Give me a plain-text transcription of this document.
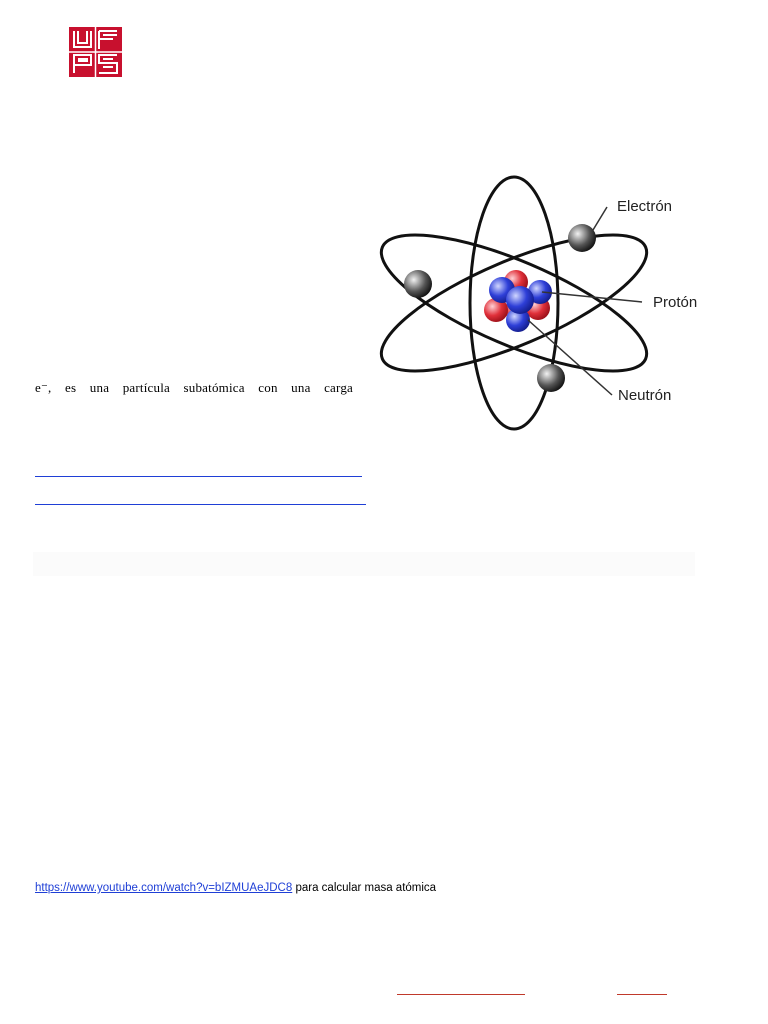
Electrón
Protón
Neutrón
e⁻, es una partícula subatómica con una carga
https://www.youtube.com/watch?v=bIZMUAeJDC8 para calcular masa atómica
